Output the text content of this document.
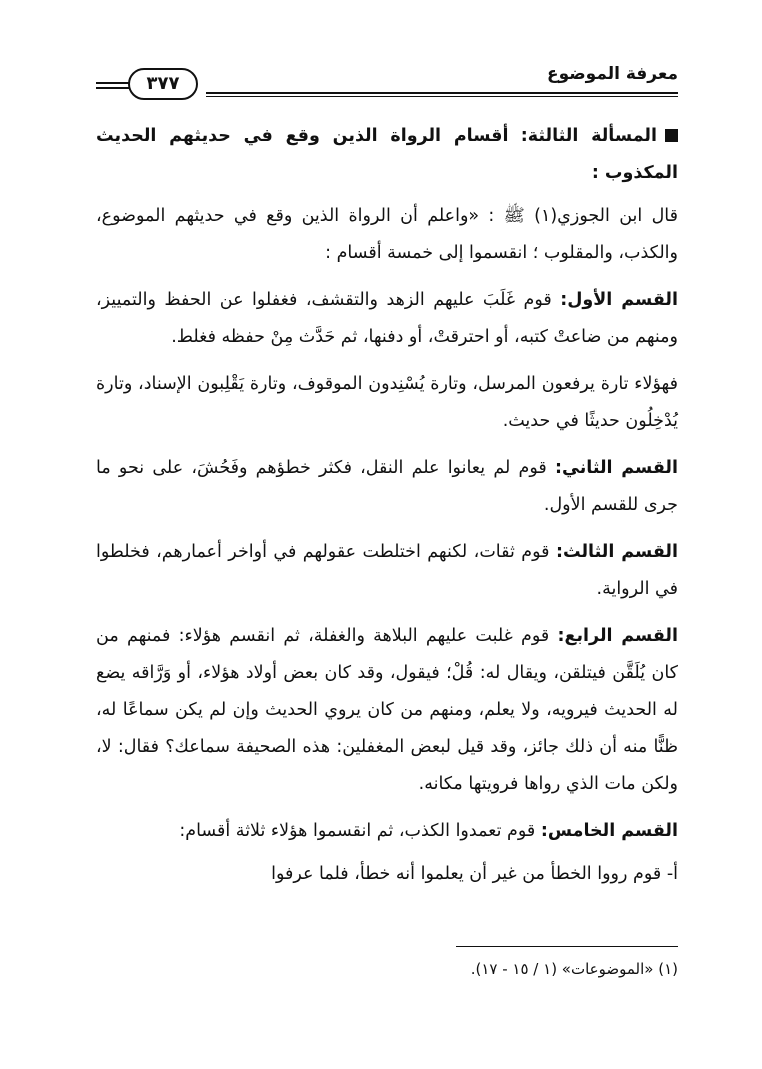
معرفة الموضوع
٣٧٧

المسألة الثالثة: أقسام الرواة الذين وقع في حديثهم الحديث المكذوب :

قال ابن الجوزي(١) ﷺ : «واعلم أن الرواة الذين وقع في حديثهم الموضوع، والكذب، والمقلوب ؛ انقسموا إلى خمسة أقسام :

القسم الأول: قوم غَلَبَ عليهم الزهد والتقشف، فغفلوا عن الحفظ والتمييز، ومنهم من ضاعتْ كتبه، أو احترقتْ، أو دفنها، ثم حَدَّث مِنْ حفظه فغلط.

فهؤلاء تارة يرفعون المرسل، وتارة يُسْنِدون الموقوف، وتارة يَقْلِبون الإسناد، وتارة يُدْخِلُون حديثًا في حديث.

القسم الثاني: قوم لم يعانوا علم النقل، فكثر خطؤهم وفَحُشَ، على نحو ما جرى للقسم الأول.

القسم الثالث: قوم ثقات، لكنهم اختلطت عقولهم في أواخر أعمارهم، فخلطوا في الرواية.

القسم الرابع: قوم غلبت عليهم البلاهة والغفلة، ثم انقسم هؤلاء: فمنهم من كان يُلَقَّن فيتلقن، ويقال له: قُلْ؛ فيقول، وقد كان بعض أولاد هؤلاء، أو وَرَّاقه يضع له الحديث فيرويه، ولا يعلم، ومنهم من كان يروي الحديث وإن لم يكن سماعًا له، ظنًّا منه أن ذلك جائز، وقد قيل لبعض المغفلين: هذه الصحيفة سماعك؟ فقال: لا، ولكن مات الذي رواها فرويتها مكانه.

القسم الخامس: قوم تعمدوا الكذب، ثم انقسموا هؤلاء ثلاثة أقسام:

أ- قوم رووا الخطأ من غير أن يعلموا أنه خطأ، فلما عرفوا

(١) «الموضوعات» (١ / ١٥ - ١٧).
